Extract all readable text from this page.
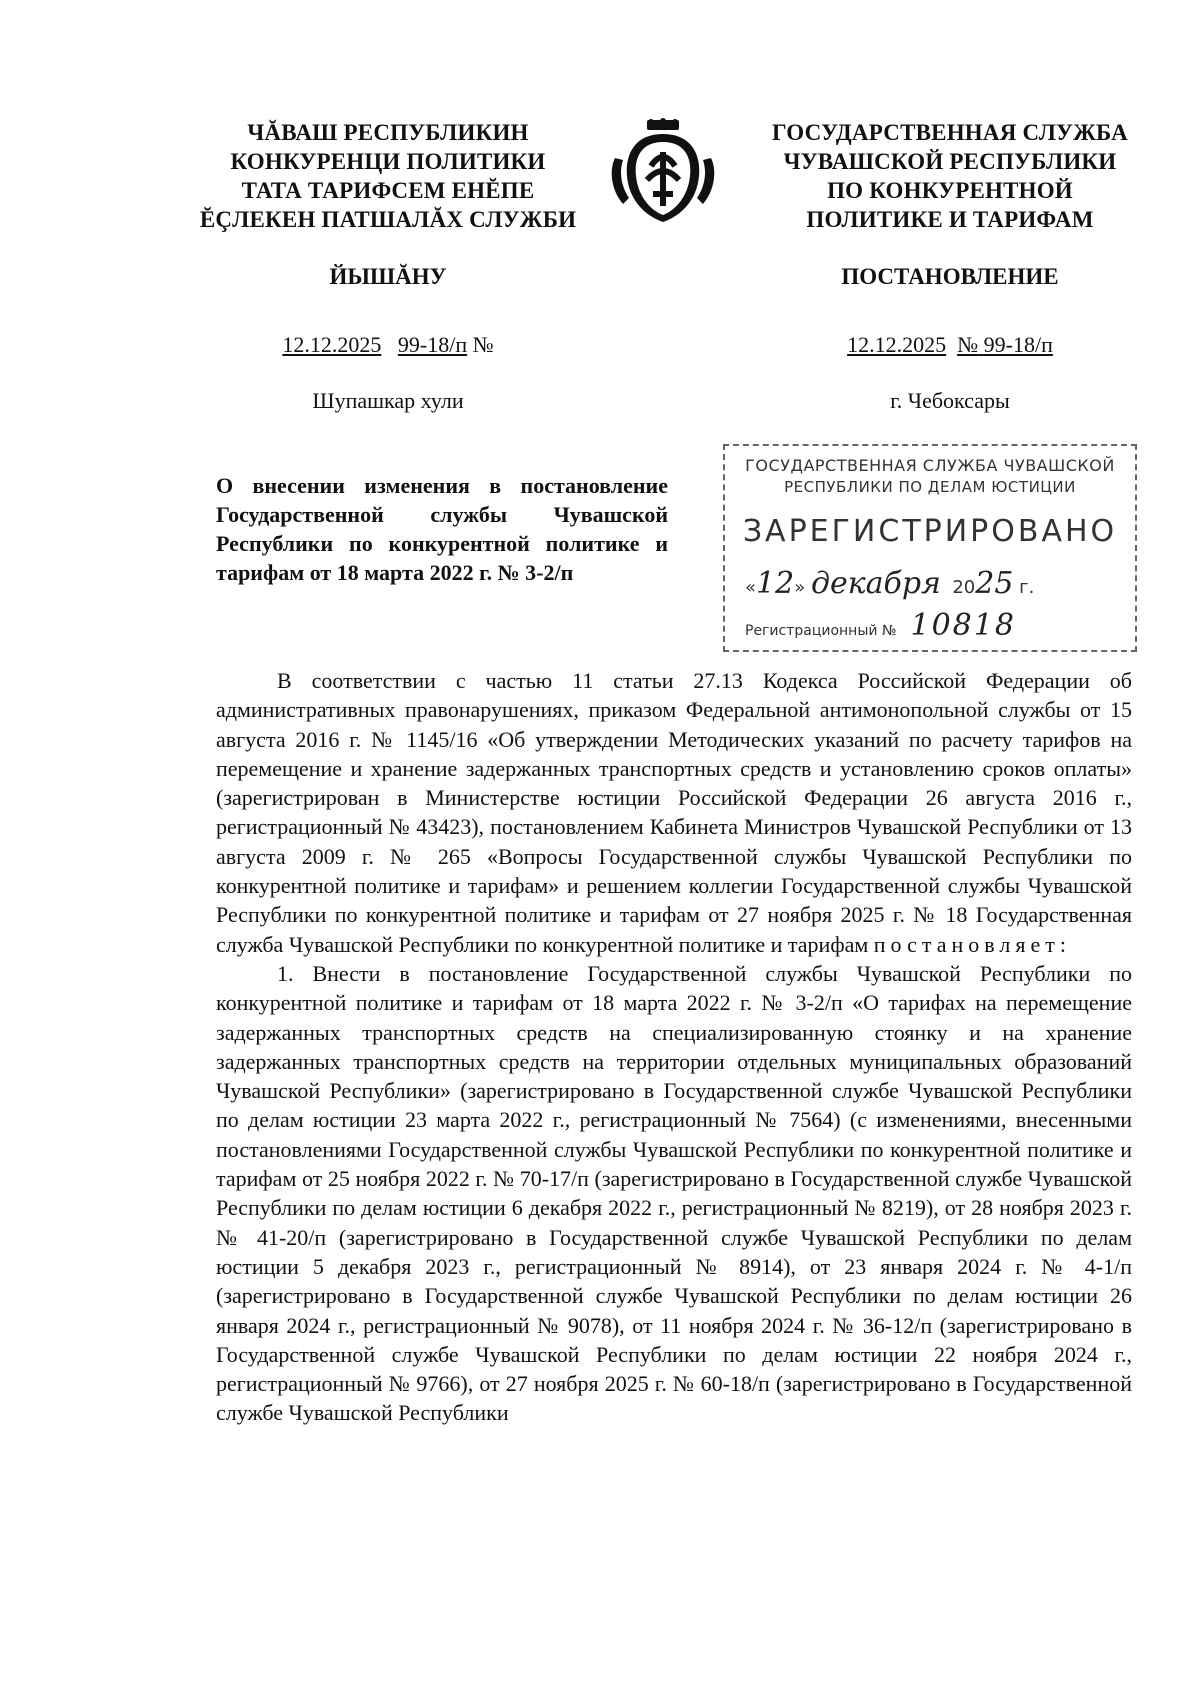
ЧĂВАШ РЕСПУБЛИКИН
КОНКУРЕНЦИ ПОЛИТИКИ
ТАТА ТАРИФСЕМ ЕНĔПЕ
ĔÇЛЕКЕН ПАТШАЛĂХ СЛУЖБИ
ГОСУДАРСТВЕННАЯ СЛУЖБА
ЧУВАШСКОЙ РЕСПУБЛИКИ
ПО КОНКУРЕНТНОЙ
ПОЛИТИКЕ И ТАРИФАМ
ЙЫШĂНУ	ПОСТАНОВЛЕНИЕ
12.12.2025 99-18/п №	12.12.2025 № 99-18/п
Шупашкар хули	г. Чебоксары
О внесении изменения в постановление Государственной службы Чувашской Республики по конкурентной политике и тарифам от 18 марта 2022 г. № 3-2/п
ГОСУДАРСТВЕННАЯ СЛУЖБА ЧУВАШСКОЙ
РЕСПУБЛИКИ ПО ДЕЛАМ ЮСТИЦИИ
ЗАРЕГИСТРИРОВАНО
«12» декабря 2025 г.
Регистрационный № 10818

В соответствии с частью 11 статьи 27.13 Кодекса Российской Федерации об административных правонарушениях, приказом Федеральной антимонопольной службы от 15 августа 2016 г. № 1145/16 «Об утверждении Методических указаний по расчету тарифов на перемещение и хранение задержанных транспортных средств и установлению сроков оплаты» (зарегистрирован в Министерстве юстиции Российской Федерации 26 августа 2016 г., регистрационный № 43423), постановлением Кабинета Министров Чувашской Республики от 13 августа 2009 г. № 265 «Вопросы Государственной службы Чувашской Республики по конкурентной политике и тарифам» и решением коллегии Государственной службы Чувашской Республики по конкурентной политике и тарифам от 27 ноября 2025 г. № 18 Государственная служба Чувашской Республики по конкурентной политике и тарифам постановляет:

1. Внести в постановление Государственной службы Чувашской Республики по конкурентной политике и тарифам от 18 марта 2022 г. № 3-2/п «О тарифах на перемещение задержанных транспортных средств на специализированную стоянку и на хранение задержанных транспортных средств на территории отдельных муниципальных образований Чувашской Республики» (зарегистрировано в Государственной службе Чувашской Республики по делам юстиции 23 марта 2022 г., регистрационный № 7564) (с изменениями, внесенными постановлениями Государственной службы Чувашской Республики по конкурентной политике и тарифам от 25 ноября 2022 г. № 70-17/п (зарегистрировано в Государственной службе Чувашской Республики по делам юстиции 6 декабря 2022 г., регистрационный № 8219), от 28 ноября 2023 г. № 41-20/п (зарегистрировано в Государственной службе Чувашской Республики по делам юстиции 5 декабря 2023 г., регистрационный № 8914), от 23 января 2024 г. № 4-1/п (зарегистрировано в Государственной службе Чувашской Республики по делам юстиции 26 января 2024 г., регистрационный № 9078), от 11 ноября 2024 г. № 36-12/п (зарегистрировано в Государственной службе Чувашской Республики по делам юстиции 22 ноября 2024 г., регистрационный № 9766), от 27 ноября 2025 г. № 60-18/п (зарегистрировано в Государственной службе Чувашской Республики
